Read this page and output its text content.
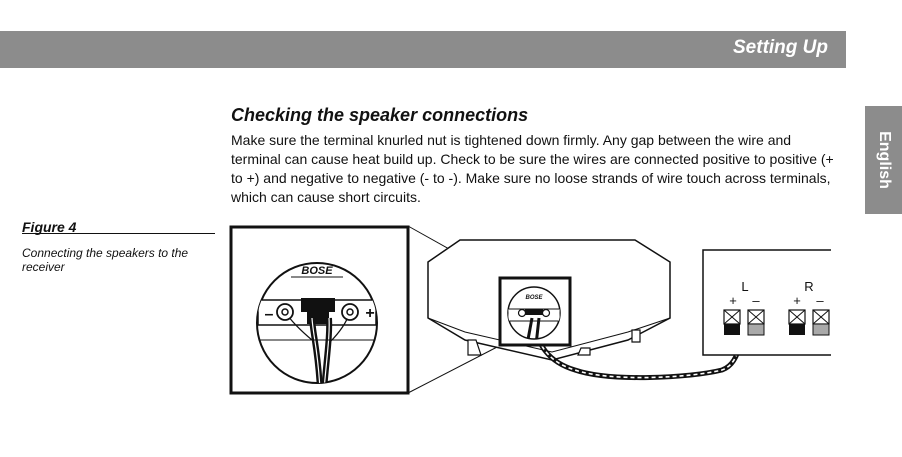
Setting Up
English
Checking the speaker connections

Make sure the terminal knurled nut is tightened down firmly. Any gap between the wire and terminal can cause heat build up. Check to be sure the wires are connected positive to positive (+ to +) and negative to negative (- to -). Make sure no loose strands of wire touch across terminals, which can cause short circuits.

Figure 4

Connecting the speakers to the receiver

BOSE
BOSE
–	+
L	R
+ –	+ –
